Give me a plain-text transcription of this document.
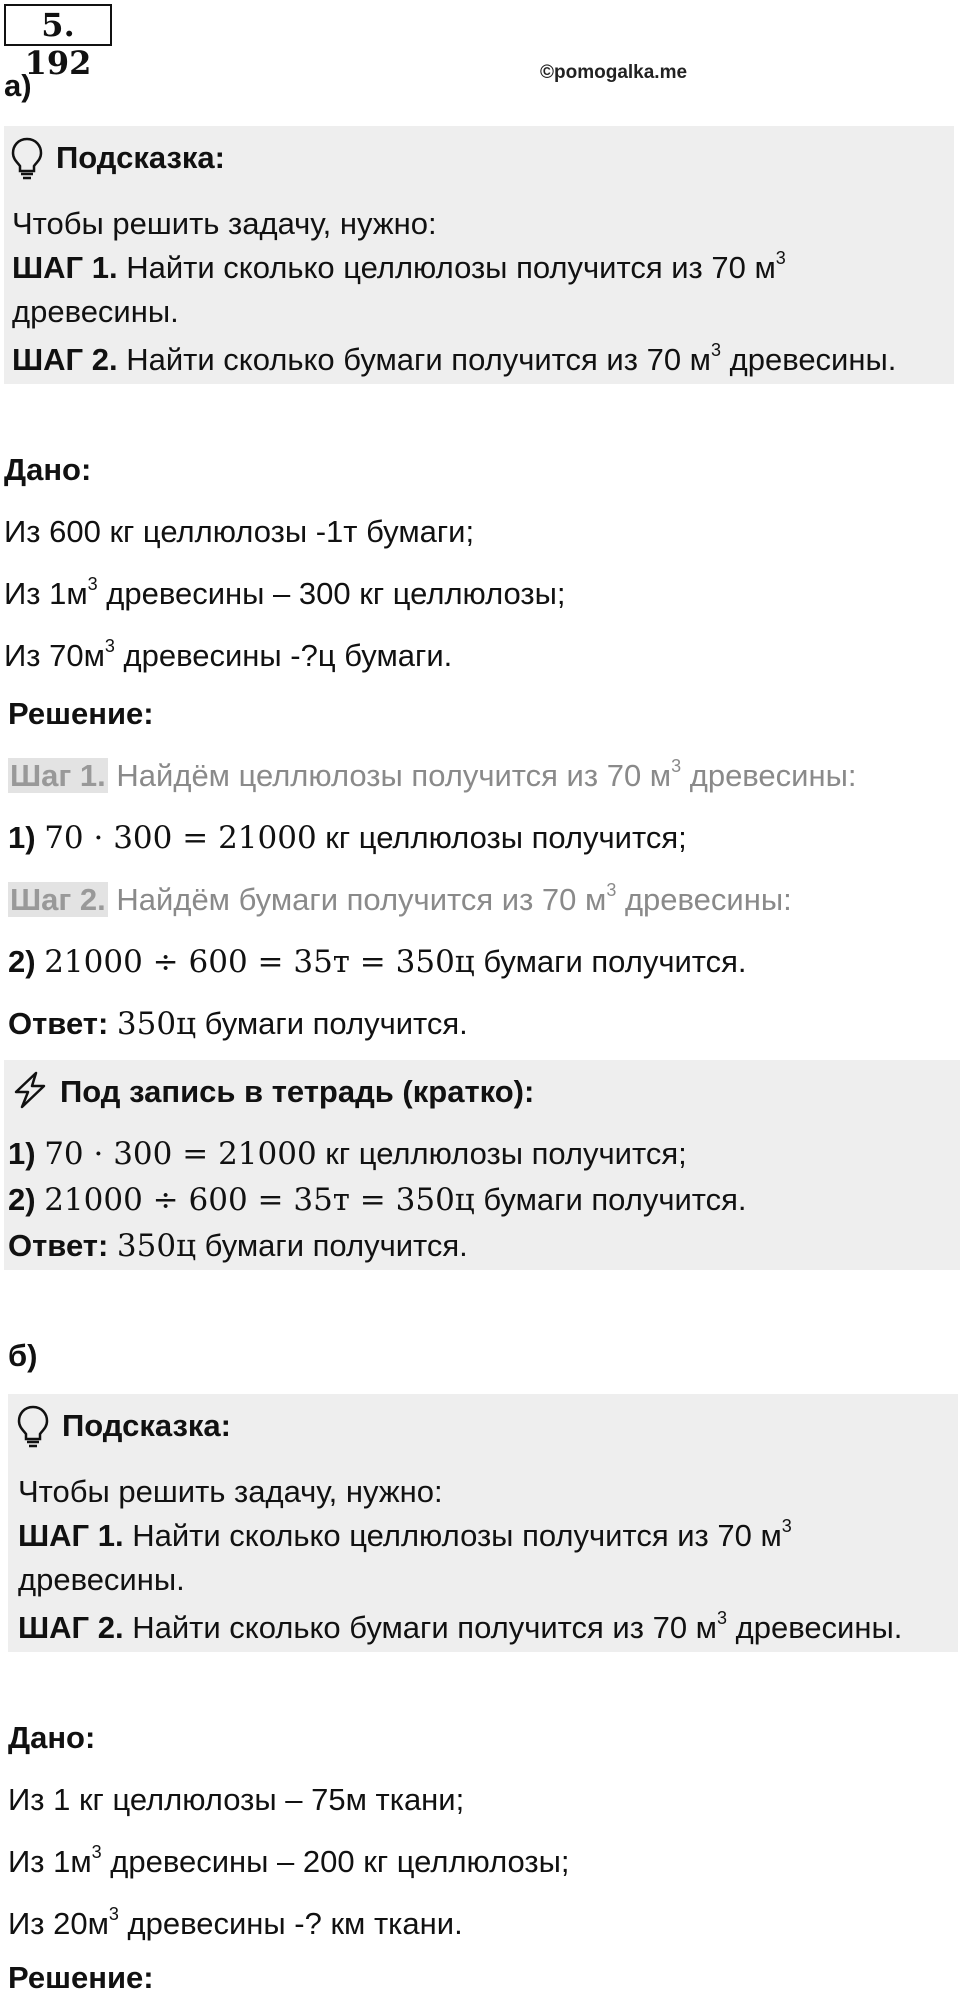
5. 192
а)	©pomogalka.me
Подсказка:
Чтобы решить задачу, нужно:
ШАГ 1. Найти сколько целлюлозы получится из 70 $м^3$
древесины.
ШАГ 2. Найти сколько бумаги получится из 70 $м^3$ древесины.
Дано:
Из 600 кг целлюлозы -1т бумаги;
Из $1м^3$ древесины – 300 кг целлюлозы;
Из $70м^3$ древесины -?ц бумаги.
Решение:
Шаг 1. Найдём целлюлозы получится из 70 $м^3$ древесины:
1) 70 · 300 = 21000 кг целлюлозы получится;
Шаг 2. Найдём бумаги получится из 70 $м^3$ древесины:
2) 21000 ÷ 600 = 35т = 350ц бумаги получится.
Ответ: 350ц бумаги получится.
Под запись в тетрадь (кратко):
1) 70 · 300 = 21000 кг целлюлозы получится;
2) 21000 ÷ 600 = 35т = 350ц бумаги получится.
Ответ: 350ц бумаги получится.
б)
Подсказка:
Чтобы решить задачу, нужно:
ШАГ 1. Найти сколько целлюлозы получится из 70 $м^3$
древесины.
ШАГ 2. Найти сколько бумаги получится из 70 $м^3$ древесины.
Дано:
Из 1 кг целлюлозы – 75м ткани;
Из $1м^3$ древесины – 200 кг целлюлозы;
Из $20м^3$ древесины -? км ткани.
Решение:
